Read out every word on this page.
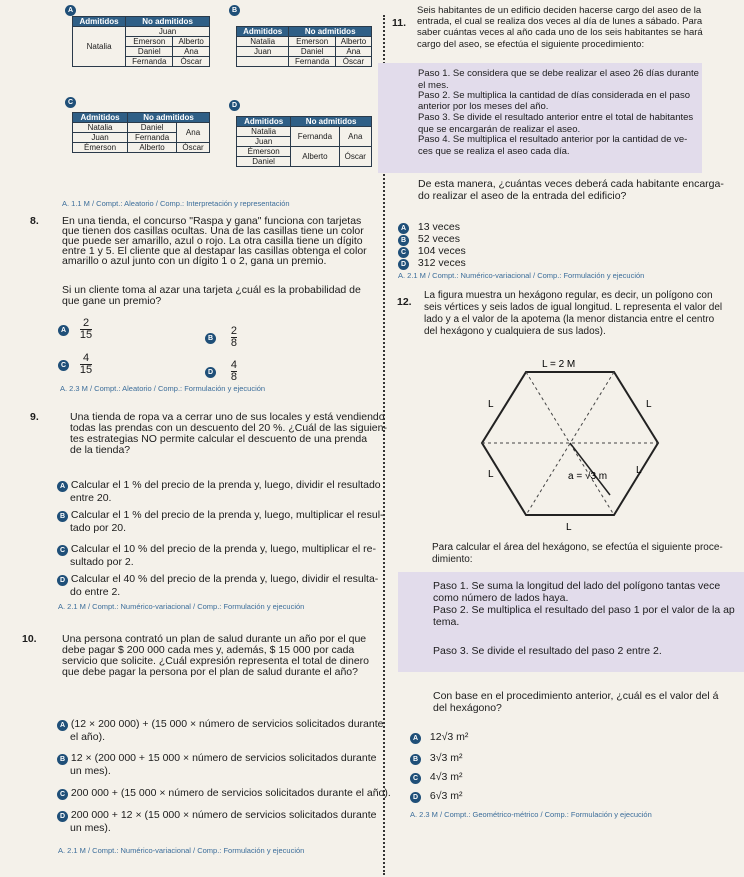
A
Admitidos	No admitidos	
Natalia	Juan	
	Emerson	Alberto
	Daniel	Ana
	Fernanda	Óscar
B
Admitidos	No admitidos	
Natalia	Emerson	Alberto
Juan	Daniel	Ana
	Fernanda	Óscar
C
Admitidos	No admitidos	
Natalia	Daniel	Ana
Juan	Fernanda	
Émerson	Alberto	Óscar
D
Admitidos	No admitidos	
Natalia	Fernanda	Ana
Juan		
Émerson	Alberto	Óscar
Daniel		
A. 1.1 M / Compt.: Aleatorio / Comp.: Interpretación y representación
8. En una tienda, el concurso "Raspa y gana" funciona con tarjetas
que tienen dos casillas ocultas. Una de las casillas tiene un color
que puede ser amarillo, azul o rojo. La otra casilla tiene un dígito
entre 1 y 5. El cliente que al destapar las casillas obtenga el color
amarillo o azul junto con un dígito 1 o 2, gana un premio.
Si un cliente toma al azar una tarjeta ¿cuál es la probabilidad de
que gane un premio?
A $\frac{2}{15}$	B $\frac{2}{8}$
C $\frac{4}{15}$	D $\frac{4}{8}$
A. 2.3 M / Compt.: Aleatorio / Comp.: Formulación y ejecución
9.	Una tienda de ropa va a cerrar uno de sus locales y está vendiendo
todas las prendas con un descuento del 20 %. ¿Cuál de las siguien-
tes estrategias NO permite calcular el descuento de una prenda
de la tienda?
A Calcular el 1 % del precio de la prenda y, luego, dividir el resultado
entre 20.
B Calcular el 1 % del precio de la prenda y, luego, multiplicar el resul-
tado por 20.
C Calcular el 10 % del precio de la prenda y, luego, multiplicar el re-
sultado por 2.
D Calcular el 40 % del precio de la prenda y, luego, dividir el resulta-
do entre 2.
A. 2.1 M / Compt.: Numérico-variacional / Comp.: Formulación y ejecución
10. Una persona contrató un plan de salud durante un año por el que
debe pagar $ 200 000 cada mes y, además, $ 15 000 por cada
servicio que solicite. ¿Cuál expresión representa el total de dinero
que debe pagar la persona por el plan de salud durante el año?
A (12 × 200 000) + (15 000 × número de servicios solicitados durante
el año).
B 12 × (200 000 + 15 000 × número de servicios solicitados durante
un mes).
C 200 000 + (15 000 × número de servicios solicitados durante el año).
D 200 000 + 12 × (15 000 × número de servicios solicitados durante
un mes).
A. 2.1 M / Compt.: Numérico-variacional / Comp.: Formulación y ejecución
11.
Seis habitantes de un edificio deciden hacerse cargo del aseo de la
entrada, el cual se realiza dos veces al día de lunes a sábado. Para
saber cuántas veces al año cada uno de los seis habitantes se hará
cargo del aseo, se efectúa el siguiente procedimiento:
Paso 1. Se considera que se debe realizar el aseo 26 días durante
el mes.
Paso 2. Se multiplica la cantidad de días considerada en el paso
anterior por los meses del año.
Paso 3. Se divide el resultado anterior entre el total de habitantes
que se encargarán de realizar el aseo.
Paso 4. Se multiplica el resultado anterior por la cantidad de ve-
ces que se realiza el aseo cada día.
De esta manera, ¿cuántas veces deberá cada habitante encarga-
do realizar el aseo de la entrada del edificio?
A 13 veces
B 52 veces
C 104 veces
D 312 veces
A. 2.1 M / Compt.: Numérico-variacional / Comp.: Formulación y ejecución
12.
La figura muestra un hexágono regular, es decir, un polígono con
seis vértices y seis lados de igual longitud. L representa el valor del
lado y a el valor de la apotema (la menor distancia entre el centro
del hexágono y cualquiera de sus lados).
L = 2 M
L	L
L	L
L
a = √3 m
Para calcular el área del hexágono, se efectúa el siguiente proce-
dimiento:
Paso 1. Se suma la longitud del lado del polígono tantas vece
como número de lados haya.
Paso 2. Se multiplica el resultado del paso 1 por el valor de la ap
tema.
Paso 3. Se divide el resultado del paso 2 entre 2.
Con base en el procedimiento anterior, ¿cuál es el valor del á
del hexágono?
A 12√3 m²
B 3√3 m²
C 4√3 m²
D 6√3 m²
A. 2.3 M / Compt.: Geométrico-métrico / Comp.: Formulación y ejecución
